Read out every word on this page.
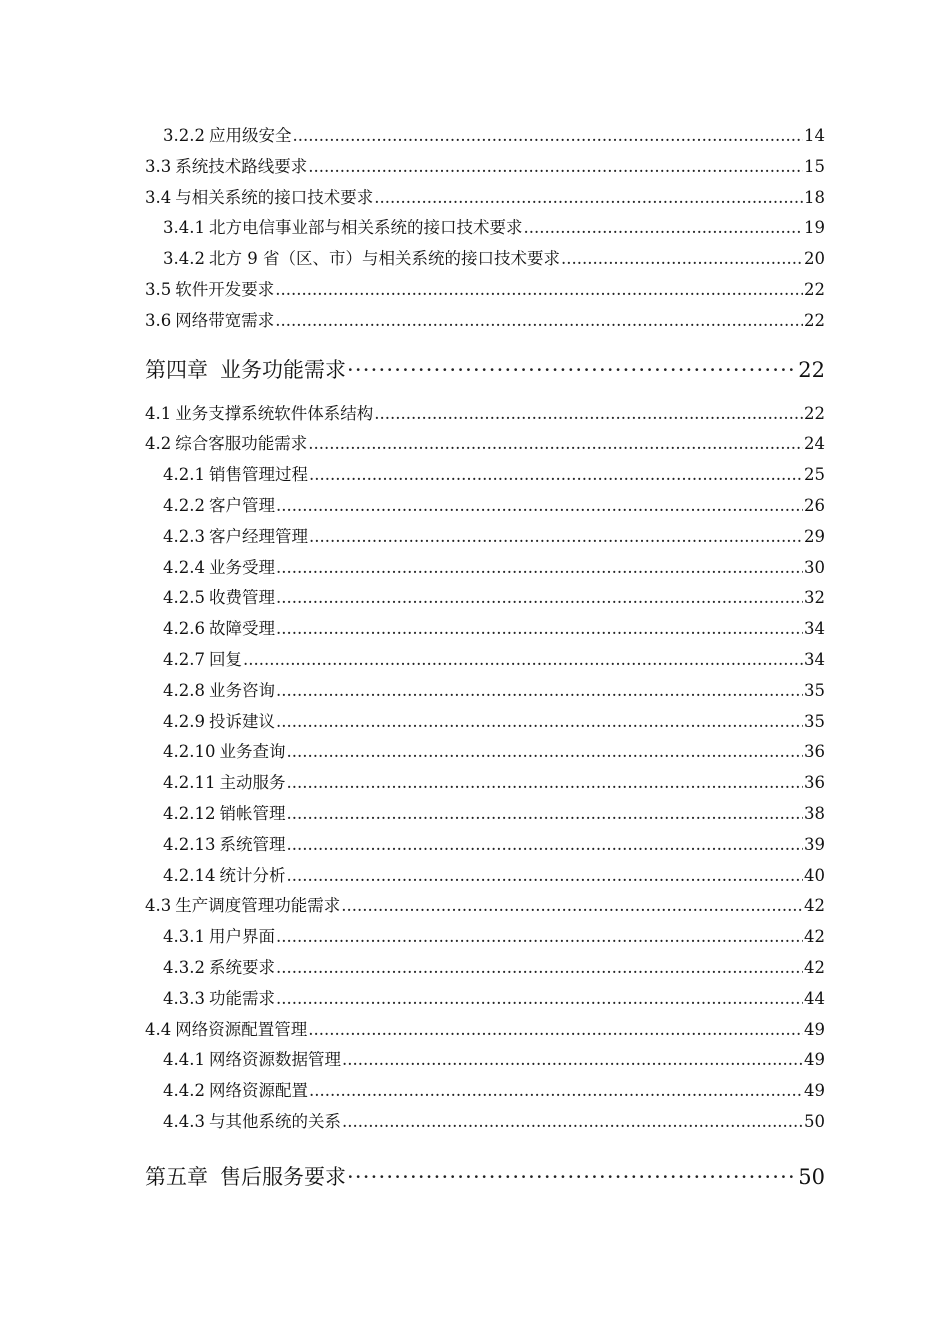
3.2.2 应用级安全 .....	14
3.3 系统技术路线要求 .....	15
3.4 与相关系统的接口技术要求 .....	18
3.4.1 北方电信事业部与相关系统的接口技术要求 .....	19
3.4.2 北方 9 省（区、市）与相关系统的接口技术要求 .....	20
3.5 软件开发要求 .....	22
3.6 网络带宽需求 .....	22
第四章 业务功能需求 ·····	22
4.1 业务支撑系统软件体系结构 .....	22
4.2 综合客服功能需求 .....	24
4.2.1 销售管理过程 .....	25
4.2.2 客户管理 .....	26
4.2.3 客户经理管理 .....	29
4.2.4 业务受理 .....	30
4.2.5 收费管理 .....	32
4.2.6 故障受理 .....	34
4.2.7 回复 .....	34
4.2.8 业务咨询 .....	35
4.2.9 投诉建议 .....	35
4.2.10 业务查询 .....	36
4.2.11 主动服务 .....	36
4.2.12 销帐管理 .....	38
4.2.13 系统管理 .....	39
4.2.14 统计分析 .....	40
4.3 生产调度管理功能需求 .....	42
4.3.1 用户界面 .....	42
4.3.2 系统要求 .....	42
4.3.3 功能需求 .....	44
4.4 网络资源配置管理 .....	49
4.4.1 网络资源数据管理 .....	49
4.4.2 网络资源配置 .....	49
4.4.3 与其他系统的关系 .....	50
第五章 售后服务要求 ·····	50
